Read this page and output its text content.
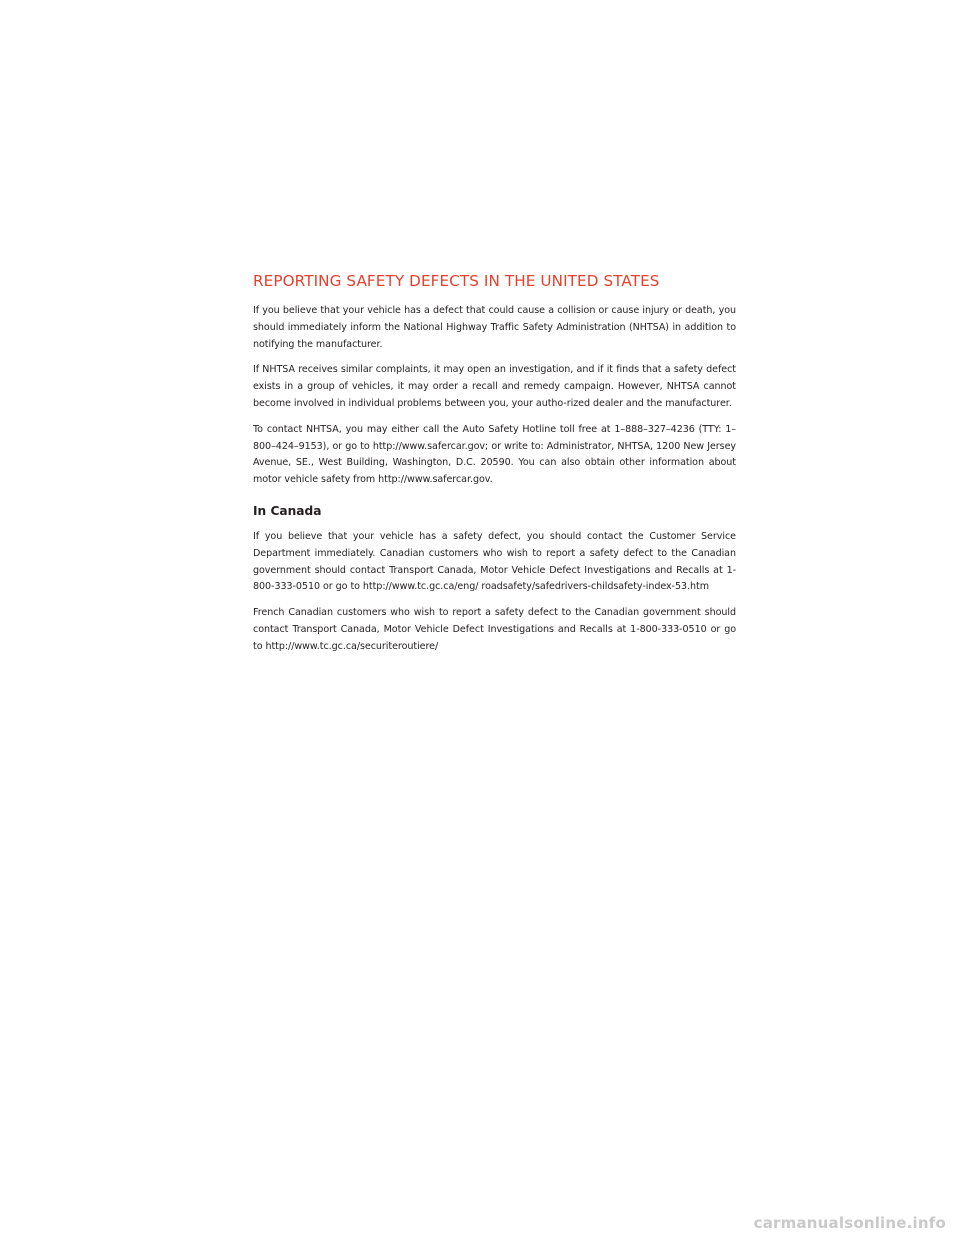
REPORTING SAFETY DEFECTS IN THE UNITED STATES

If you believe that your vehicle has a defect that could cause a collision or cause injury or death, you should immediately inform the National Highway Traffic Safety Administration (NHTSA) in addition to notifying the manufacturer.

If NHTSA receives similar complaints, it may open an investigation, and if it finds that a safety defect exists in a group of vehicles, it may order a recall and remedy campaign. However, NHTSA cannot become involved in individual problems between you, your autho-rized dealer and the manufacturer.

To contact NHTSA, you may either call the Auto Safety Hotline toll free at 1–888–327–4236 (TTY: 1–800–424–9153), or go to http://www.safercar.gov; or write to: Administrator, NHTSA, 1200 New Jersey Avenue, SE., West Building, Washington, D.C. 20590. You can also obtain other information about motor vehicle safety from http://www.safercar.gov.

In Canada

If you believe that your vehicle has a safety defect, you should contact the Customer Service Department immediately. Canadian customers who wish to report a safety defect to the Canadian government should contact Transport Canada, Motor Vehicle Defect Investigations and Recalls at 1-800-333-0510 or go to http://www.tc.gc.ca/eng/ roadsafety/safedrivers-childsafety-index-53.htm

French Canadian customers who wish to report a safety defect to the Canadian government should contact Transport Canada, Motor Vehicle Defect Investigations and Recalls at 1-800-333-0510 or go to http://www.tc.gc.ca/securiteroutiere/

carmanualsonline.info
